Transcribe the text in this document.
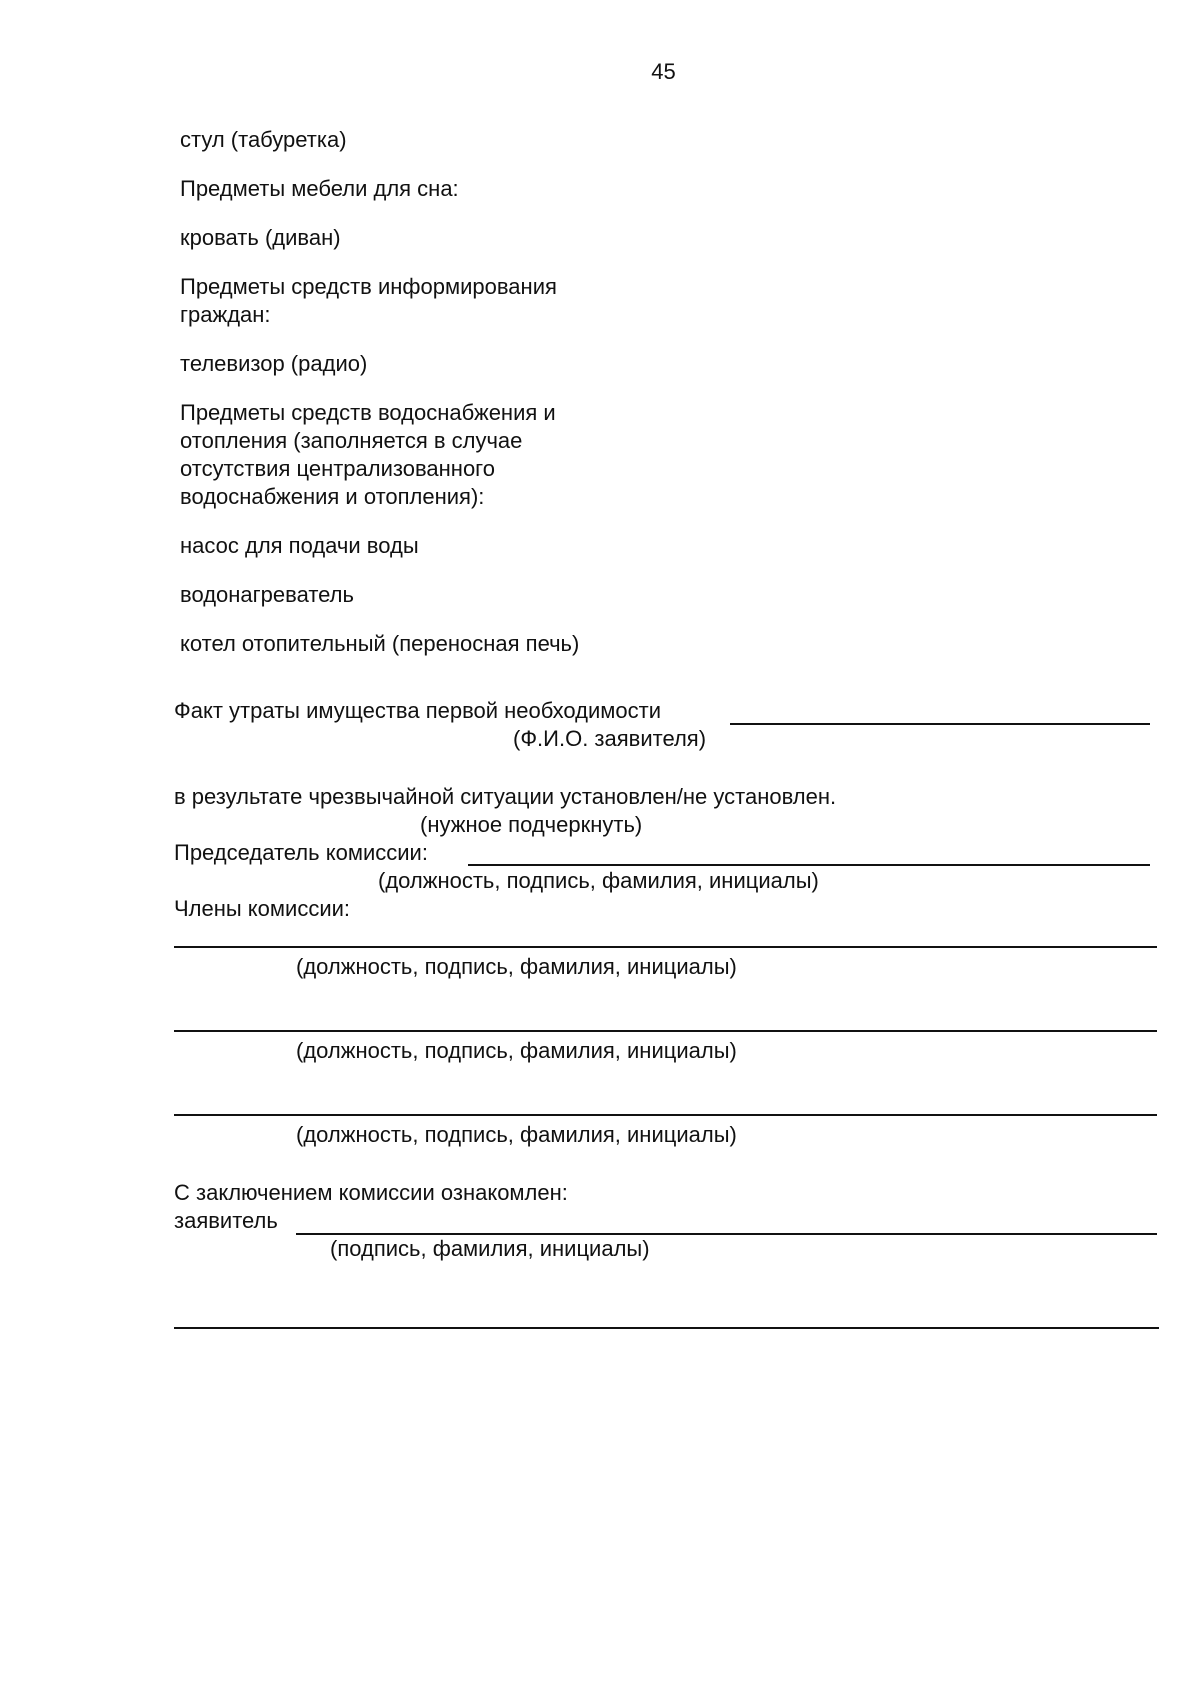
45

стул (табуретка)

Предметы мебели для сна:

кровать (диван)

Предметы средств информирования

граждан:

телевизор (радио)

Предметы средств водоснабжения и

отопления (заполняется в случае

отсутствия централизованного

водоснабжения и отопления):

насос для подачи воды

водонагреватель

котел отопительный (переносная печь)

Факт утраты имущества первой необходимости

(Ф.И.О. заявителя)

в результате чрезвычайной ситуации установлен/не установлен.

(нужное подчеркнуть)

Председатель комиссии:

(должность, подпись, фамилия, инициалы)

Члены комиссии:

(должность, подпись, фамилия, инициалы)

(должность, подпись, фамилия, инициалы)

(должность, подпись, фамилия, инициалы)

С заключением комиссии ознакомлен:

заявитель

(подпись, фамилия, инициалы)
